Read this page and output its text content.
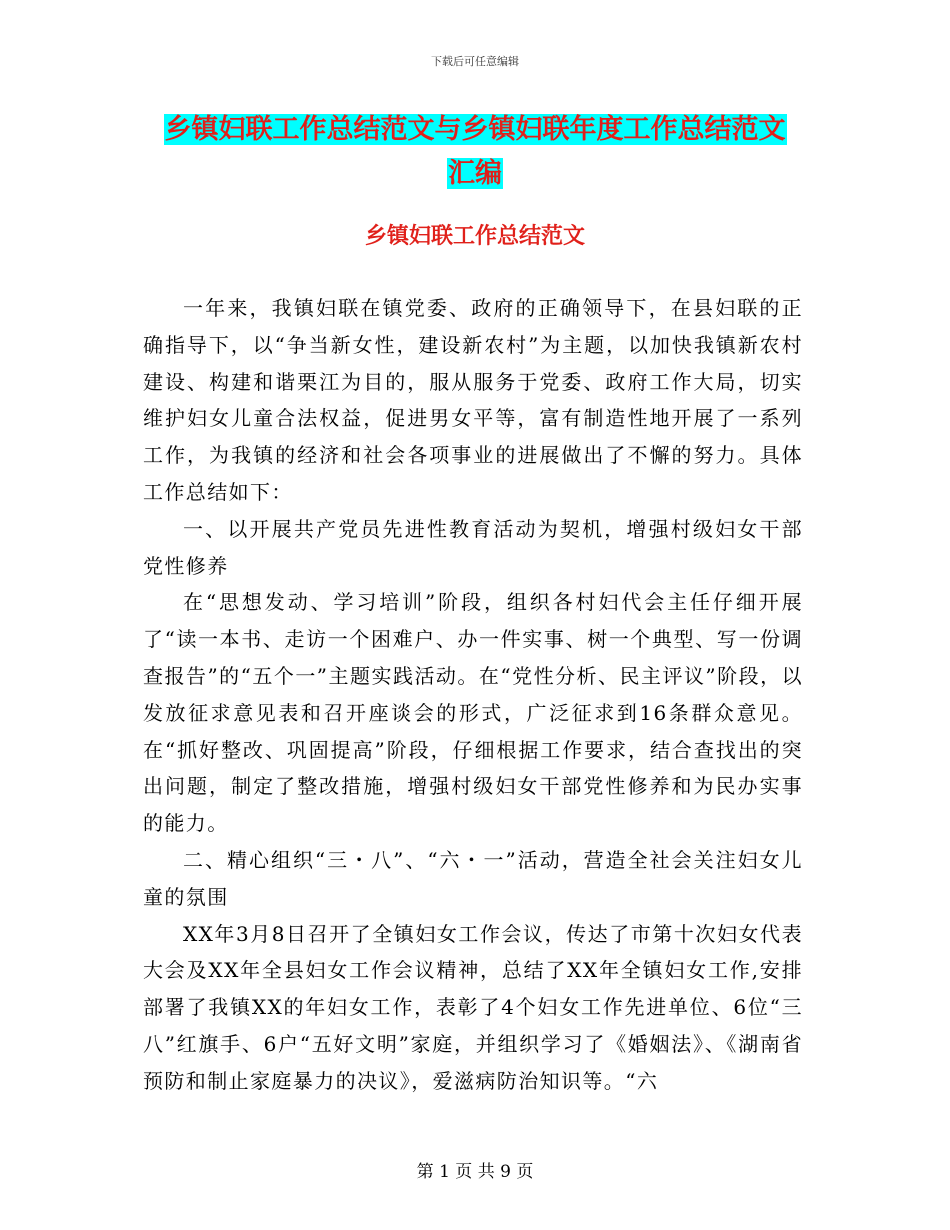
下载后可任意编辑
乡镇妇联工作总结范文与乡镇妇联年度工作总结范文
汇编
乡镇妇联工作总结范文

一年来，我镇妇联在镇党委、政府的正确领导下，在县妇联的正确指导下，以“争当新女性，建设新农村”为主题，以加快我镇新农村建设、构建和谐栗江为目的，服从服务于党委、政府工作大局，切实维护妇女儿童合法权益，促进男女平等，富有制造性地开展了一系列工作，为我镇的经济和社会各项事业的进展做出了不懈的努力。具体工作总结如下：

一、以开展共产党员先进性教育活动为契机，增强村级妇女干部党性修养

在“思想发动、学习培训”阶段，组织各村妇代会主任仔细开展了“读一本书、走访一个困难户、办一件实事、树一个典型、写一份调查报告”的“五个一”主题实践活动。在“党性分析、民主评议”阶段，以发放征求意见表和召开座谈会的形式，广泛征求到16条群众意见。在“抓好整改、巩固提高”阶段，仔细根据工作要求，结合查找出的突出问题，制定了整改措施，增强村级妇女干部党性修养和为民办实事的能力。

二、精心组织“三・八”、“六・一”活动，营造全社会关注妇女儿童的氛围

XX年3月8日召开了全镇妇女工作会议，传达了市第十次妇女代表大会及XX年全县妇女工作会议精神，总结了XX年全镇妇女工作,安排部署了我镇XX的年妇女工作，表彰了4个妇女工作先进单位、6位“三八”红旗手、6户“五好文明”家庭，并组织学习了《婚姻法》、《湖南省预防和制止家庭暴力的决议》，爱滋病防治知识等。“六

第 1 页 共 9 页
